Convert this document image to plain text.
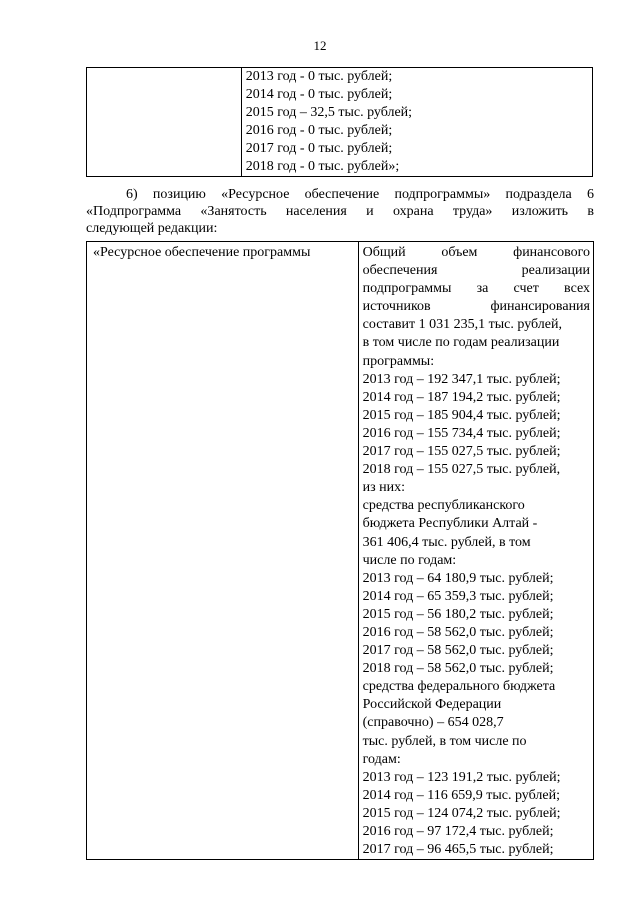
12

2013 год - 0 тыс. рублей;
2014 год - 0 тыс. рублей;
2015 год – 32,5 тыс. рублей;
2016 год - 0 тыс. рублей;
2017 год - 0 тыс. рублей;
2018 год - 0 тыс. рублей»;
6) позицию «Ресурсное обеспечение подпрограммы» подраздела 6
«Подпрограмма «Занятость населения и охрана труда» изложить в
следующей редакции:
«Ресурсное обеспечение программы	Общий объем финансового
обеспечения реализации
подпрограммы за счет всех
источников финансирования
составит 1 031 235,1 тыс. рублей,
в том числе по годам реализации
программы:
2013 год – 192 347,1 тыс. рублей;
2014 год – 187 194,2 тыс. рублей;
2015 год – 185 904,4 тыс. рублей;
2016 год – 155 734,4 тыс. рублей;
2017 год – 155 027,5 тыс. рублей;
2018 год – 155 027,5 тыс. рублей,
из них:
средства республиканского
бюджета Республики Алтай -
361 406,4 тыс. рублей, в том
числе по годам:
2013 год – 64 180,9 тыс. рублей;
2014 год – 65 359,3 тыс. рублей;
2015 год – 56 180,2 тыс. рублей;
2016 год – 58 562,0 тыс. рублей;
2017 год – 58 562,0 тыс. рублей;
2018 год – 58 562,0 тыс. рублей;
средства федерального бюджета
Российской Федерации
(справочно) – 654 028,7
тыс. рублей, в том числе по
годам:
2013 год – 123 191,2 тыс. рублей;
2014 год – 116 659,9 тыс. рублей;
2015 год – 124 074,2 тыс. рублей;
2016 год – 97 172,4 тыс. рублей;
2017 год – 96 465,5 тыс. рублей;
